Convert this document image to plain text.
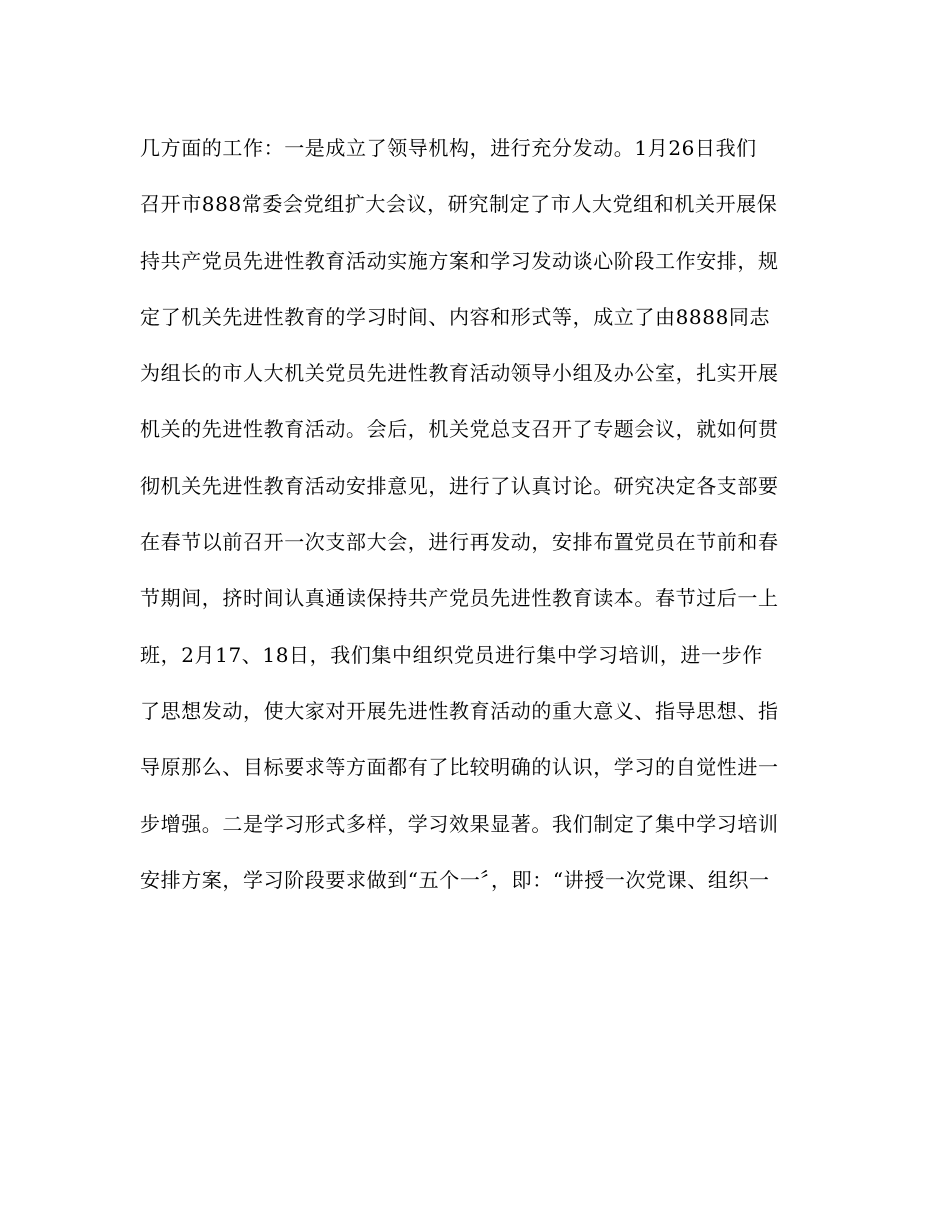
几方面的工作：一是成立了领导机构，进行充分发动。1月26日我们
召开市888常委会党组扩大会议，研究制定了市人大党组和机关开展保
持共产党员先进性教育活动实施方案和学习发动谈心阶段工作安排，规
定了机关先进性教育的学习时间、内容和形式等，成立了由8888同志
为组长的市人大机关党员先进性教育活动领导小组及办公室，扎实开展
机关的先进性教育活动。会后，机关党总支召开了专题会议，就如何贯
彻机关先进性教育活动安排意见，进行了认真讨论。研究决定各支部要
在春节以前召开一次支部大会，进行再发动，安排布置党员在节前和春
节期间，挤时间认真通读保持共产党员先进性教育读本。春节过后一上
班，2月17、18日，我们集中组织党员进行集中学习培训，进一步作
了思想发动，使大家对开展先进性教育活动的重大意义、指导思想、指
导原那么、目标要求等方面都有了比较明确的认识，学习的自觉性进一
步增强。二是学习形式多样，学习效果显著。我们制定了集中学习培训
安排方案，学习阶段要求做到“五个一〞，即：“讲授一次党课、组织一
